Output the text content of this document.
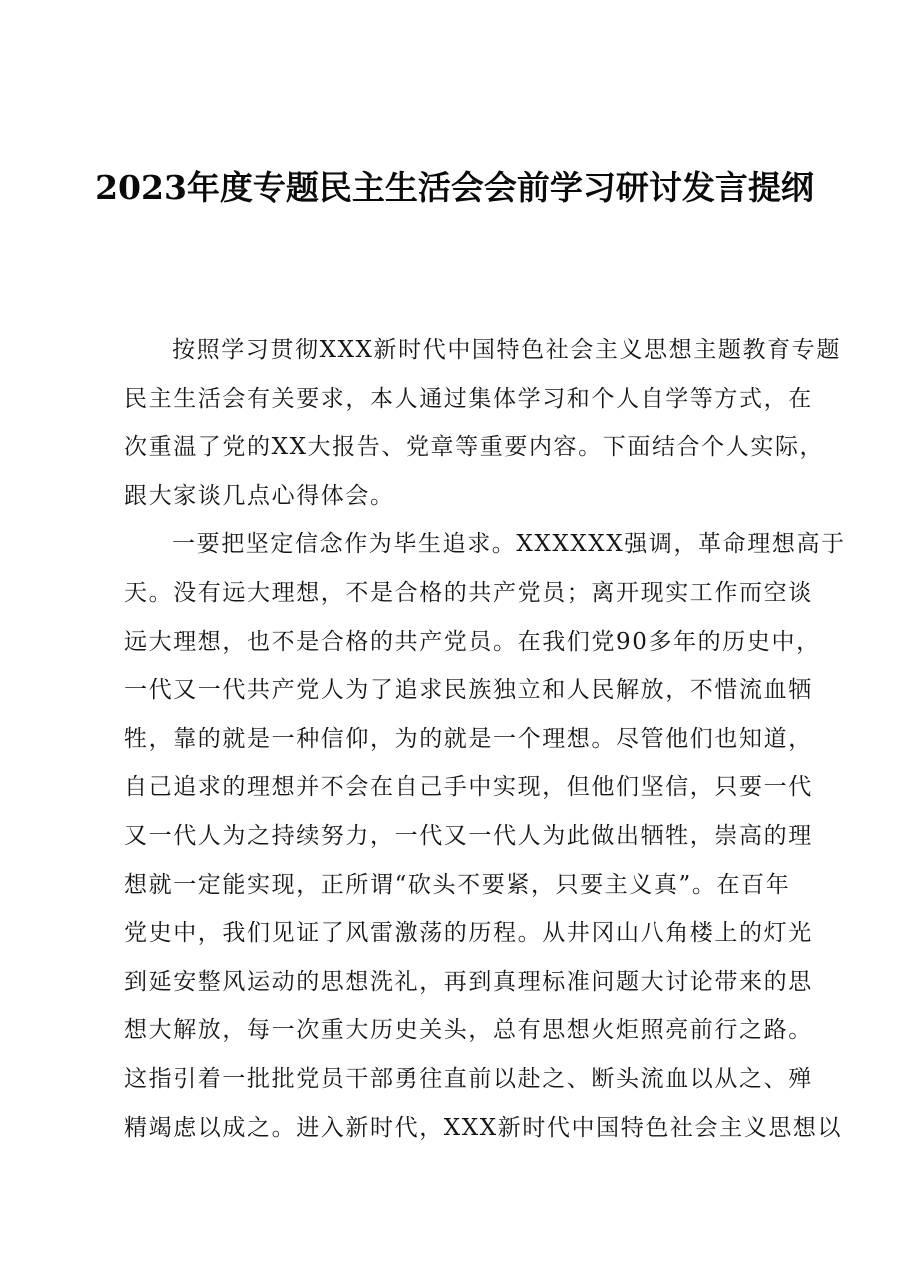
2023年度专题民主生活会会前学习研讨发言提纲
按照学习贯彻XXX新时代中国特色社会主义思想主题教育专题
民主生活会有关要求，本人通过集体学习和个人自学等方式，在
次重温了党的XX大报告、党章等重要内容。下面结合个人实际，
跟大家谈几点心得体会。
一要把坚定信念作为毕生追求。XXXXXX强调，革命理想高于
天。没有远大理想，不是合格的共产党员；离开现实工作而空谈
远大理想，也不是合格的共产党员。在我们党90多年的历史中，
一代又一代共产党人为了追求民族独立和人民解放，不惜流血牺
牲，靠的就是一种信仰，为的就是一个理想。尽管他们也知道，
自己追求的理想并不会在自己手中实现，但他们坚信，只要一代
又一代人为之持续努力，一代又一代人为此做出牺牲，崇高的理
想就一定能实现，正所谓“砍头不要紧，只要主义真”。在百年
党史中，我们见证了风雷激荡的历程。从井冈山八角楼上的灯光
到延安整风运动的思想洗礼，再到真理标准问题大讨论带来的思
想大解放，每一次重大历史关头，总有思想火炬照亮前行之路。
这指引着一批批党员干部勇往直前以赴之、断头流血以从之、殚
精竭虑以成之。进入新时代，XXX新时代中国特色社会主义思想以
